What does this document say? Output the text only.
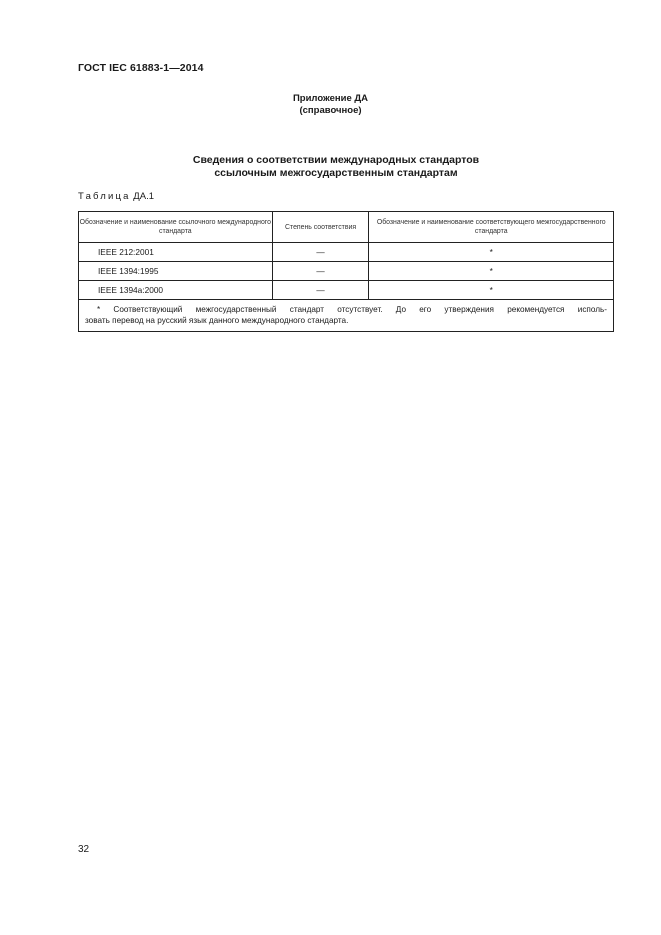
ГОСТ IEC 61883-1—2014
Приложение ДА
(справочное)
Сведения о соответствии международных стандартов
ссылочным межгосударственным стандартам
Таблица ДА.1
Обозначение и наименование ссылочного международного стандарта	Степень соответствия	Обозначение и наименование соответствующего межгосударственного стандарта
IEEE 212:2001	—	*
IEEE 1394:1995	—	*
IEEE 1394a:2000	—	*

* Соответствующий межгосударственный стандарт отсутствует. До его утверждения рекомендуется исполь-
зовать перевод на русский язык данного международного стандарта.		
32
